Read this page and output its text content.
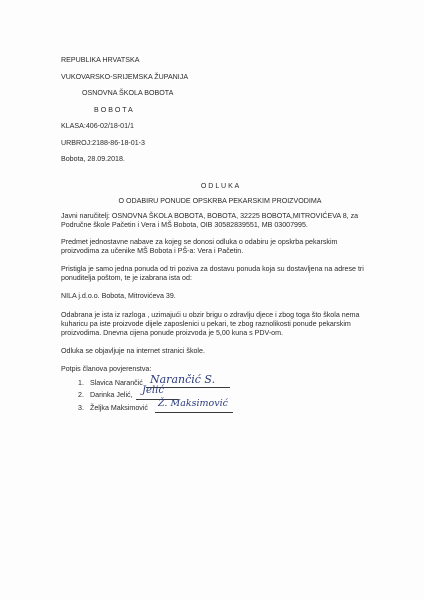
REPUBLIKA HRVATSKA
VUKOVARSKO-SRIJEMSKA ŽUPANIJA
OSNOVNA ŠKOLA BOBOTA
B O B O T A
KLASA:406-02/18-01/1
URBROJ:2188-86-18-01-3
Bobota, 28.09.2018.
O D L U K A
O ODABIRU PONUDE OPSKRBA PEKARSKIM PROIZVODIMA
Javni naručitelj: OSNOVNA ŠKOLA BOBOTA, BOBOTA, 32225 BOBOTA,MITROVIĆEVA 8, za Područne škole Pačetin i Vera i MŠ Bobota, OIB 30582839551, MB 03007995.
Predmet jednostavne nabave za kojeg se donosi odluka o odabiru je opskrba pekarskim proizvodima za učenike MŠ Bobota i PŠ-a: Vera i Pačetin.
Pristigla je samo jedna ponuda od tri poziva za dostavu ponuda koja su dostavljena na adrese tri ponuditelja poštom, te je izabrana ista od:
NILA j.d.o.o. Bobota, Mitrovićeva 39.
Odabrana je ista iz razloga , uzimajući u obzir brigu o zdravlju djece i zbog toga što škola nema kuharicu pa iste proizvode dijele zaposlenici u pekari, te zbog raznolikosti ponude pekarskim proizvodima. Dnevna cijena ponude proizvoda je 5,00 kuna s PDV-om.
Odluka se objavljuje na internet stranici škole.
Potpis članova povjerenstva:
1. Slavica Narančić Narančić S.
2. Darinka Jelić, Jelić
3. Željka Maksimović Ž. Maksimović
